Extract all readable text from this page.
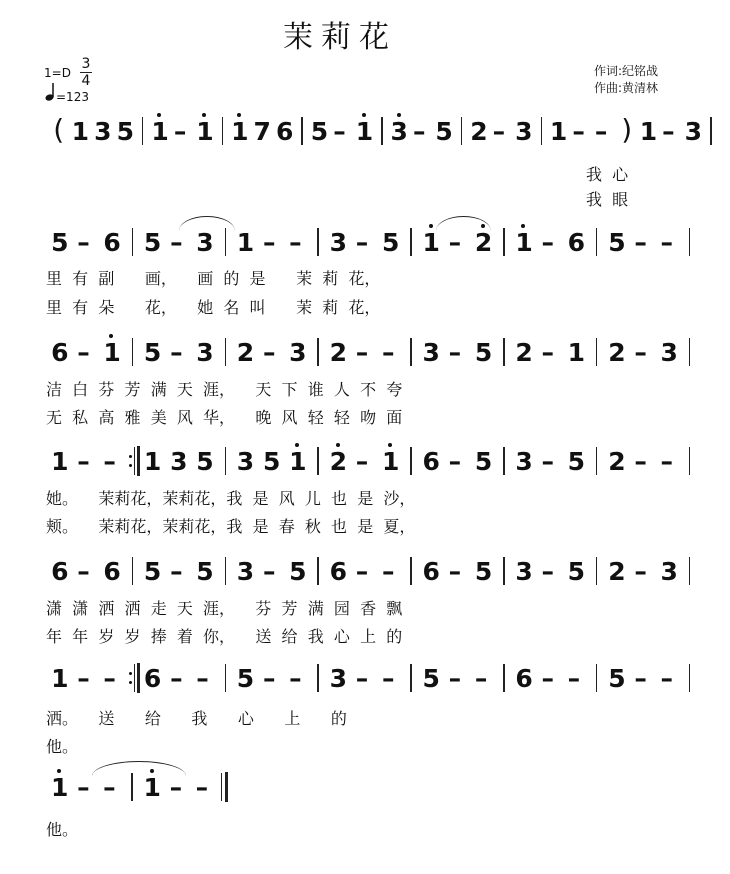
茉莉花
1=D
3
4
=123
作词:纪铭战
作曲:黄清林
( 1 3 5 1 – 1 1 7 6 5 – 1 3 – 5 2 – 3 1 – – ) 1 – 3
我  心
我  眼
5 – 6 5 – 3 1 – – 3 – 5 1 – 2 1 – 6 5 – –
里  有  副      画，    画  的  是      茉  莉  花，
里  有  朵      花，    她  名  叫      茉  莉  花，
6 – 1 5 – 3 2 – 3 2 – – 3 – 5 2 – 1 2 – 3
洁  白  芬  芳  满  天  涯，    天  下  谁  人  不  夸
无  私  高  雅  美  风  华，    晚  风  轻  轻  吻  面
1 – – 1 3 5 3 5 1 2 – 1 6 – 5 3 – 5 2 – –
她。    茉莉花，茉莉花，我  是  风  儿  也  是  沙，
颊。    茉莉花，茉莉花，我  是  春  秋  也  是  夏，
6 – 6 5 – 5 3 – 5 6 – – 6 – 5 3 – 5 2 – 3
潇  潇  洒  洒  走  天  涯，    芬  芳  满  园  香  飘
年  年  岁  岁  捧  着  你，    送  给  我  心  上  的
1 – – 6 – – 5 – – 3 – – 5 – – 6 – – 5 – –
洒。    送      给      我      心      上      的
他。
1 – – 1 – –
他。
